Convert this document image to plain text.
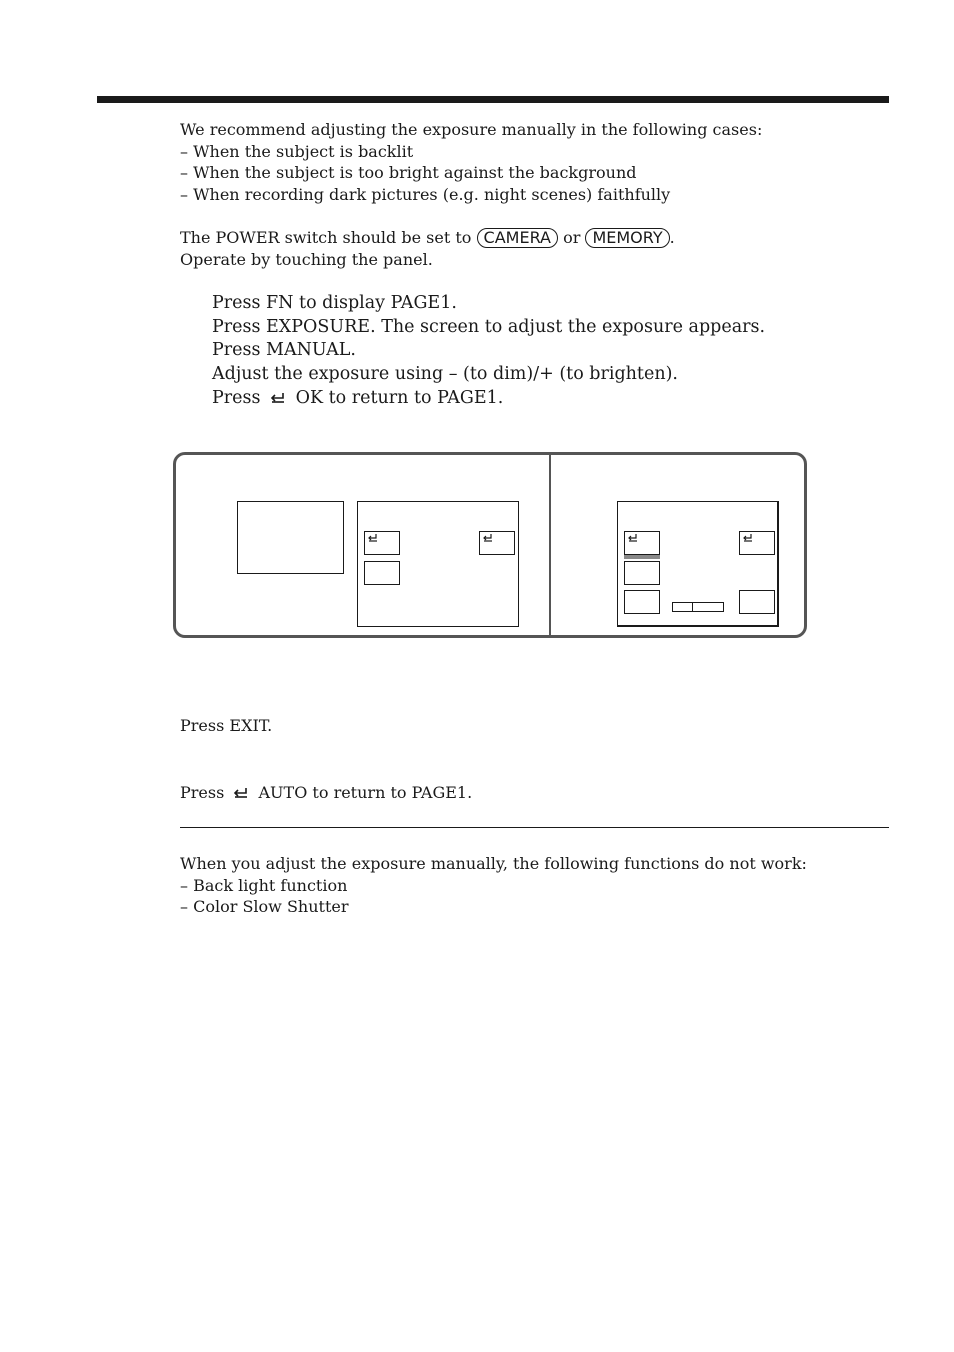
We recommend adjusting the exposure manually in the following cases:
– When the subject is backlit
– When the subject is too bright against the background
– When recording dark pictures (e.g. night scenes) faithfully
The POWER switch should be set to CAMERA or MEMORY .
Operate by touching the panel.
Press FN to display PAGE1.
Press EXPOSURE. The screen to adjust the exposure appears.
Press MANUAL.
Adjust the exposure using – (to dim)/+ (to brighten).
Press OK to return to PAGE1.
Press EXIT.
Press AUTO to return to PAGE1.
When you adjust the exposure manually, the following functions do not work:
– Back light function
– Color Slow Shutter
